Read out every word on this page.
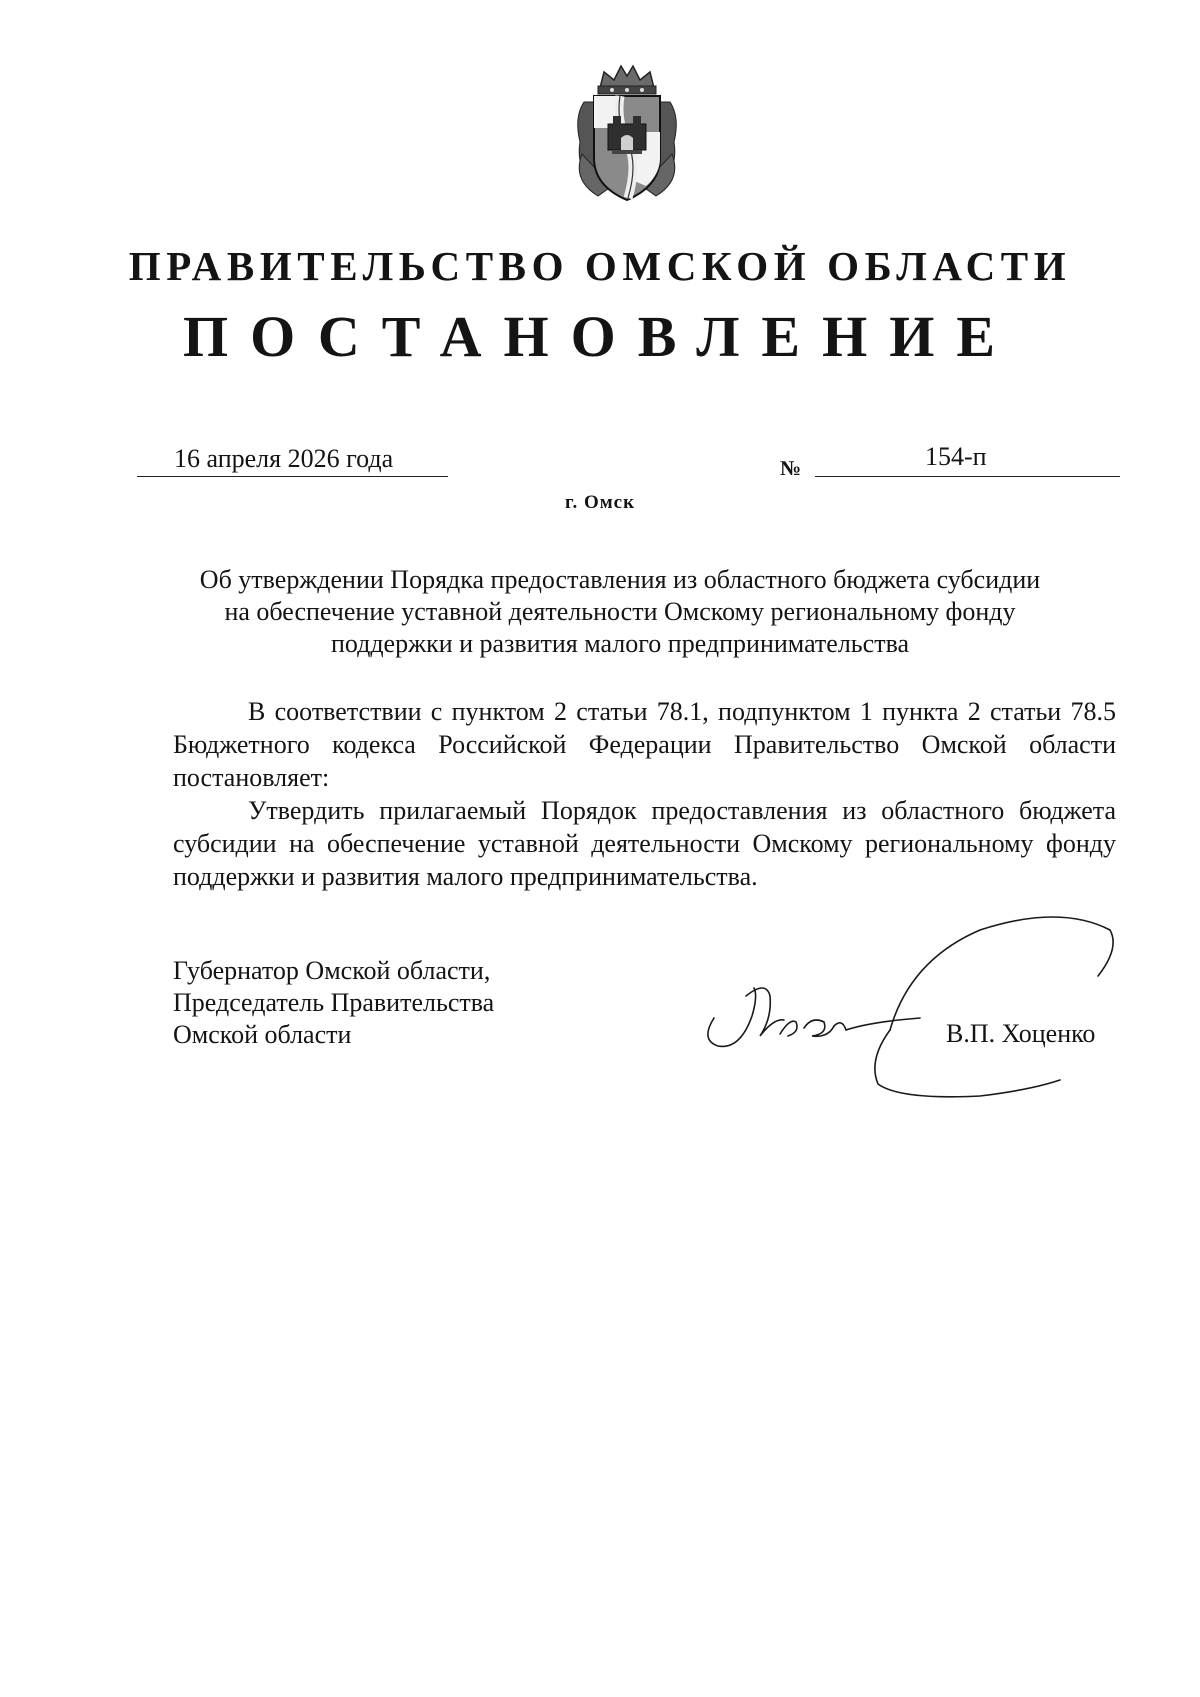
ПРАВИТЕЛЬСТВО ОМСКОЙ ОБЛАСТИ
ПОСТАНОВЛЕНИЕ
16 апреля 2026 года	№	154-п
г. Омск
Об утверждении Порядка предоставления из областного бюджета субсидии
на обеспечение уставной деятельности Омскому региональному фонду
поддержки и развития малого предпринимательства

В соответствии с пунктом 2 статьи 78.1, подпунктом 1 пункта 2 статьи 78.5 Бюджетного кодекса Российской Федерации Правительство Омской области постановляет:

Утвердить прилагаемый Порядок предоставления из областного бюджета субсидии на обеспечение уставной деятельности Омскому региональному фонду поддержки и развития малого предпринимательства.

Губернатор Омской области,
Председатель Правительства
Омской области	В.П. Хоценко
